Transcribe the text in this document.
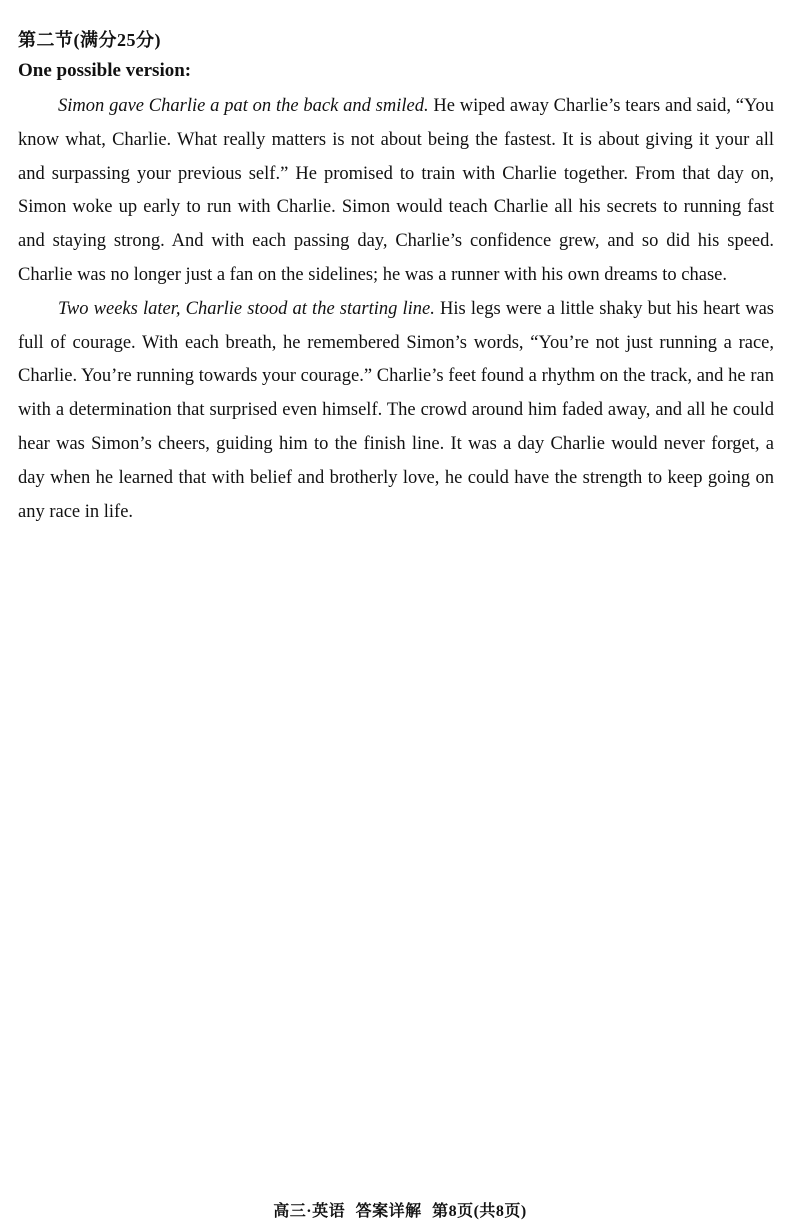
第二节(满分25分)
One possible version:

Simon gave Charlie a pat on the back and smiled. He wiped away Charlie’s tears and said, “You know what, Charlie. What really matters is not about being the fastest. It is about giving it your all and surpassing your previous self.” He promised to train with Charlie together. From that day on, Simon woke up early to run with Charlie. Simon would teach Charlie all his secrets to running fast and staying strong. And with each passing day, Charlie’s confidence grew, and so did his speed. Charlie was no longer just a fan on the sidelines; he was a runner with his own dreams to chase.

Two weeks later, Charlie stood at the starting line. His legs were a little shaky but his heart was full of courage. With each breath, he remembered Simon’s words, “You’re not just running a race, Charlie. You’re running towards your courage.” Charlie’s feet found a rhythm on the track, and he ran with a determination that surprised even himself. The crowd around him faded away, and all he could hear was Simon’s cheers, guiding him to the finish line. It was a day Charlie would never forget, a day when he learned that with belief and brotherly love, he could have the strength to keep going on any race in life.

高三·英语 答案详解 第8页(共8页)
